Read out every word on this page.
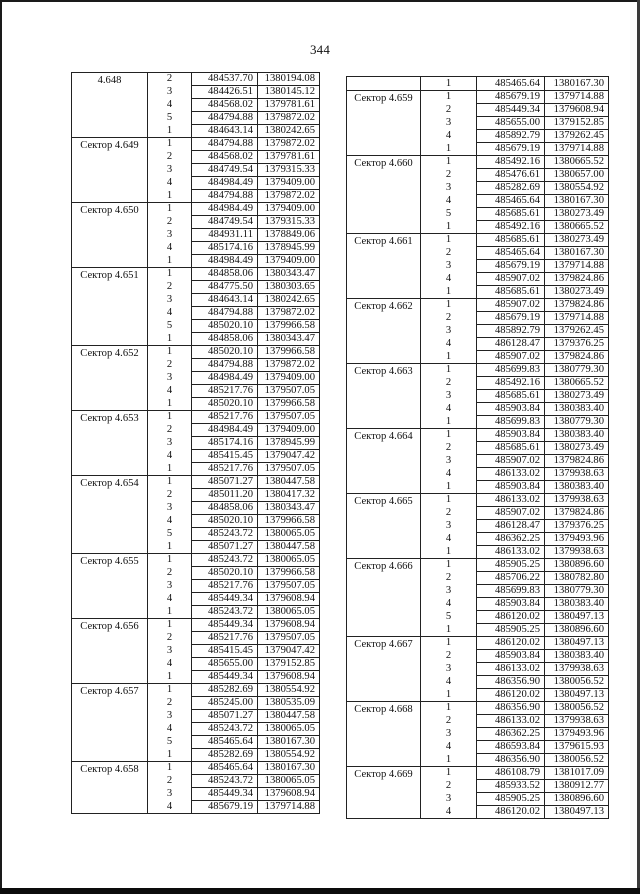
344
4.648	2	484537.70	1380194.08
	3	484426.51	1380145.12
	4	484568.02	1379781.61
	5	484794.88	1379872.02
	1	484643.14	1380242.65
Сектор 4.649	1	484794.88	1379872.02
	2	484568.02	1379781.61
	3	484749.54	1379315.33
	4	484984.49	1379409.00
	1	484794.88	1379872.02
Сектор 4.650	1	484984.49	1379409.00
	2	484749.54	1379315.33
	3	484931.11	1378849.06
	4	485174.16	1378945.99
	1	484984.49	1379409.00
Сектор 4.651	1	484858.06	1380343.47
	2	484775.50	1380303.65
	3	484643.14	1380242.65
	4	484794.88	1379872.02
	5	485020.10	1379966.58
	1	484858.06	1380343.47
Сектор 4.652	1	485020.10	1379966.58
	2	484794.88	1379872.02
	3	484984.49	1379409.00
	4	485217.76	1379507.05
	1	485020.10	1379966.58
Сектор 4.653	1	485217.76	1379507.05
	2	484984.49	1379409.00
	3	485174.16	1378945.99
	4	485415.45	1379047.42
	1	485217.76	1379507.05
Сектор 4.654	1	485071.27	1380447.58
	2	485011.20	1380417.32
	3	484858.06	1380343.47
	4	485020.10	1379966.58
	5	485243.72	1380065.05
	1	485071.27	1380447.58
Сектор 4.655	1	485243.72	1380065.05
	2	485020.10	1379966.58
	3	485217.76	1379507.05
	4	485449.34	1379608.94
	1	485243.72	1380065.05
Сектор 4.656	1	485449.34	1379608.94
	2	485217.76	1379507.05
	3	485415.45	1379047.42
	4	485655.00	1379152.85
	1	485449.34	1379608.94
Сектор 4.657	1	485282.69	1380554.92
	2	485245.00	1380535.09
	3	485071.27	1380447.58
	4	485243.72	1380065.05
	5	485465.64	1380167.30
	1	485282.69	1380554.92
Сектор 4.658	1	485465.64	1380167.30
	2	485243.72	1380065.05
	3	485449.34	1379608.94
	4	485679.19	1379714.88
	1	485465.64	1380167.30
Сектор 4.659	1	485679.19	1379714.88
	2	485449.34	1379608.94
	3	485655.00	1379152.85
	4	485892.79	1379262.45
	1	485679.19	1379714.88
Сектор 4.660	1	485492.16	1380665.52
	2	485476.61	1380657.00
	3	485282.69	1380554.92
	4	485465.64	1380167.30
	5	485685.61	1380273.49
	1	485492.16	1380665.52
Сектор 4.661	1	485685.61	1380273.49
	2	485465.64	1380167.30
	3	485679.19	1379714.88
	4	485907.02	1379824.86
	1	485685.61	1380273.49
Сектор 4.662	1	485907.02	1379824.86
	2	485679.19	1379714.88
	3	485892.79	1379262.45
	4	486128.47	1379376.25
	1	485907.02	1379824.86
Сектор 4.663	1	485699.83	1380779.30
	2	485492.16	1380665.52
	3	485685.61	1380273.49
	4	485903.84	1380383.40
	1	485699.83	1380779.30
Сектор 4.664	1	485903.84	1380383.40
	2	485685.61	1380273.49
	3	485907.02	1379824.86
	4	486133.02	1379938.63
	1	485903.84	1380383.40
Сектор 4.665	1	486133.02	1379938.63
	2	485907.02	1379824.86
	3	486128.47	1379376.25
	4	486362.25	1379493.96
	1	486133.02	1379938.63
Сектор 4.666	1	485905.25	1380896.60
	2	485706.22	1380782.80
	3	485699.83	1380779.30
	4	485903.84	1380383.40
	5	486120.02	1380497.13
	1	485905.25	1380896.60
Сектор 4.667	1	486120.02	1380497.13
	2	485903.84	1380383.40
	3	486133.02	1379938.63
	4	486356.90	1380056.52
	1	486120.02	1380497.13
Сектор 4.668	1	486356.90	1380056.52
	2	486133.02	1379938.63
	3	486362.25	1379493.96
	4	486593.84	1379615.93
	1	486356.90	1380056.52
Сектор 4.669	1	486108.79	1381017.09
	2	485933.52	1380912.77
	3	485905.25	1380896.60
	4	486120.02	1380497.13
